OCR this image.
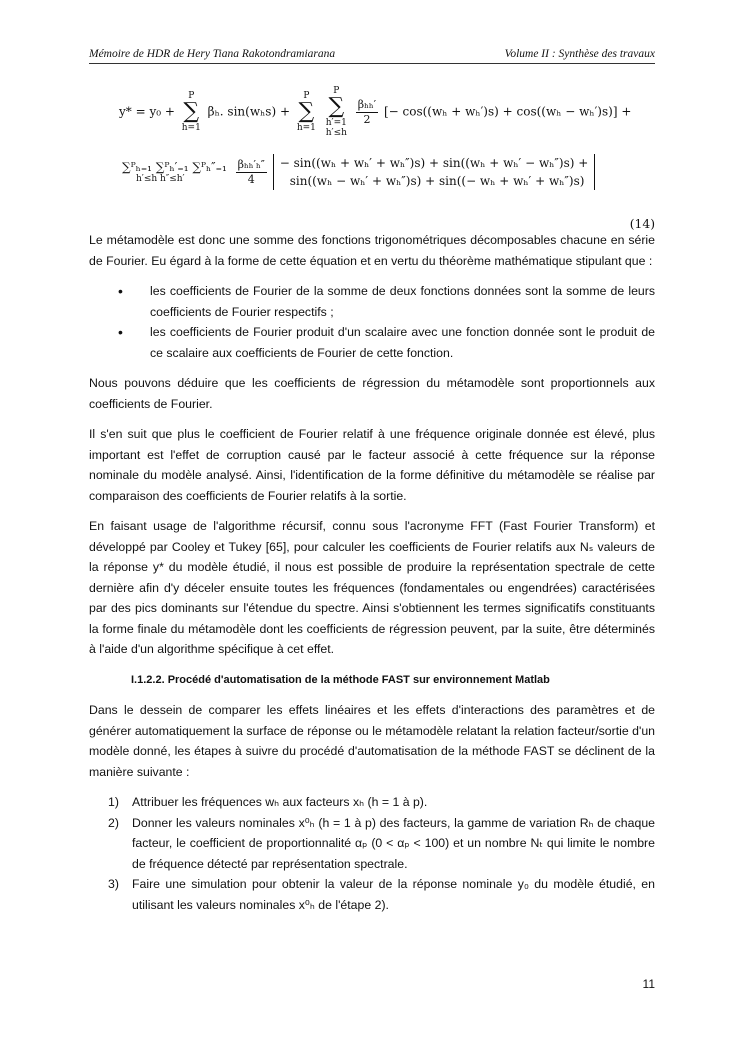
Mémoire de HDR de Hery Tiana Rakotondramiarana	Volume II : Synthèse des travaux
y* = y₀ +
P
∑
h=1
βₕ. sin(wₕs) +
P
∑
h=1

P
∑
h′=1
h′≤h

$\frac{\text{βₕₕ′}}{2}$ [− cos((wₕ + wₕ′)s) + cos((wₕ − wₕ′)s)] +
∑ᴾₕ₌₁ ∑ᴾₕ′₌₁ ∑ᴾₕ″₌₁
h′≤h h″≤h′
	$\frac{\text{βₕₕ′ₕ″}}{4}$
− sin((wₕ + wₕ′ + wₕ″)s) + sin((wₕ + wₕ′ − wₕ″)s) +
sin((wₕ − wₕ′ + wₕ″)s) + sin((− wₕ + wₕ′ + wₕ″)s)
(14)

Le métamodèle est donc une somme des fonctions trigonométriques décomposables chacune en série de Fourier. Eu égard à la forme de cette équation et en vertu du théorème mathématique stipulant que :

• les coefficients de Fourier de la somme de deux fonctions données sont la somme de leurs coefficients de Fourier respectifs ;
• les coefficients de Fourier produit d'un scalaire avec une fonction donnée sont le produit de ce scalaire aux coefficients de Fourier de cette fonction.

Nous pouvons déduire que les coefficients de régression du métamodèle sont proportionnels aux coefficients de Fourier.

Il s'en suit que plus le coefficient de Fourier relatif à une fréquence originale donnée est élevé, plus important est l'effet de corruption causé par le facteur associé à cette fréquence sur la réponse nominale du modèle analysé. Ainsi, l'identification de la forme définitive du métamodèle se réalise par comparaison des coefficients de Fourier relatifs à la sortie.

En faisant usage de l'algorithme récursif, connu sous l'acronyme FFT (Fast Fourier Transform) et développé par Cooley et Tukey [65], pour calculer les coefficients de Fourier relatifs aux Nₛ valeurs de la réponse y* du modèle étudié, il nous est possible de produire la représentation spectrale de cette dernière afin d'y déceler ensuite toutes les fréquences (fondamentales ou engendrées) caractérisées par des pics dominants sur l'étendue du spectre. Ainsi s'obtiennent les termes significatifs constituants la forme finale du métamodèle dont les coefficients de régression peuvent, par la suite, être déterminés à l'aide d'un algorithme spécifique à cet effet.

I.1.2.2. Procédé d'automatisation de la méthode FAST sur environnement Matlab

Dans le dessein de comparer les effets linéaires et les effets d'interactions des paramètres et de générer automatiquement la surface de réponse ou le métamodèle relatant la relation facteur/sortie d'un modèle donné, les étapes à suivre du procédé d'automatisation de la méthode FAST se déclinent de la manière suivante :

1) Attribuer les fréquences wₕ aux facteurs xₕ (h = 1 à p).
2) Donner les valeurs nominales x⁰ₕ (h = 1 à p) des facteurs, la gamme de variation Rₕ de chaque facteur, le coefficient de proportionnalité αₚ (0 < αₚ < 100) et un nombre Nₜ qui limite le nombre de fréquence détecté par représentation spectrale.
3) Faire une simulation pour obtenir la valeur de la réponse nominale y₀ du modèle étudié, en utilisant les valeurs nominales x⁰ₕ de l'étape 2).
11
